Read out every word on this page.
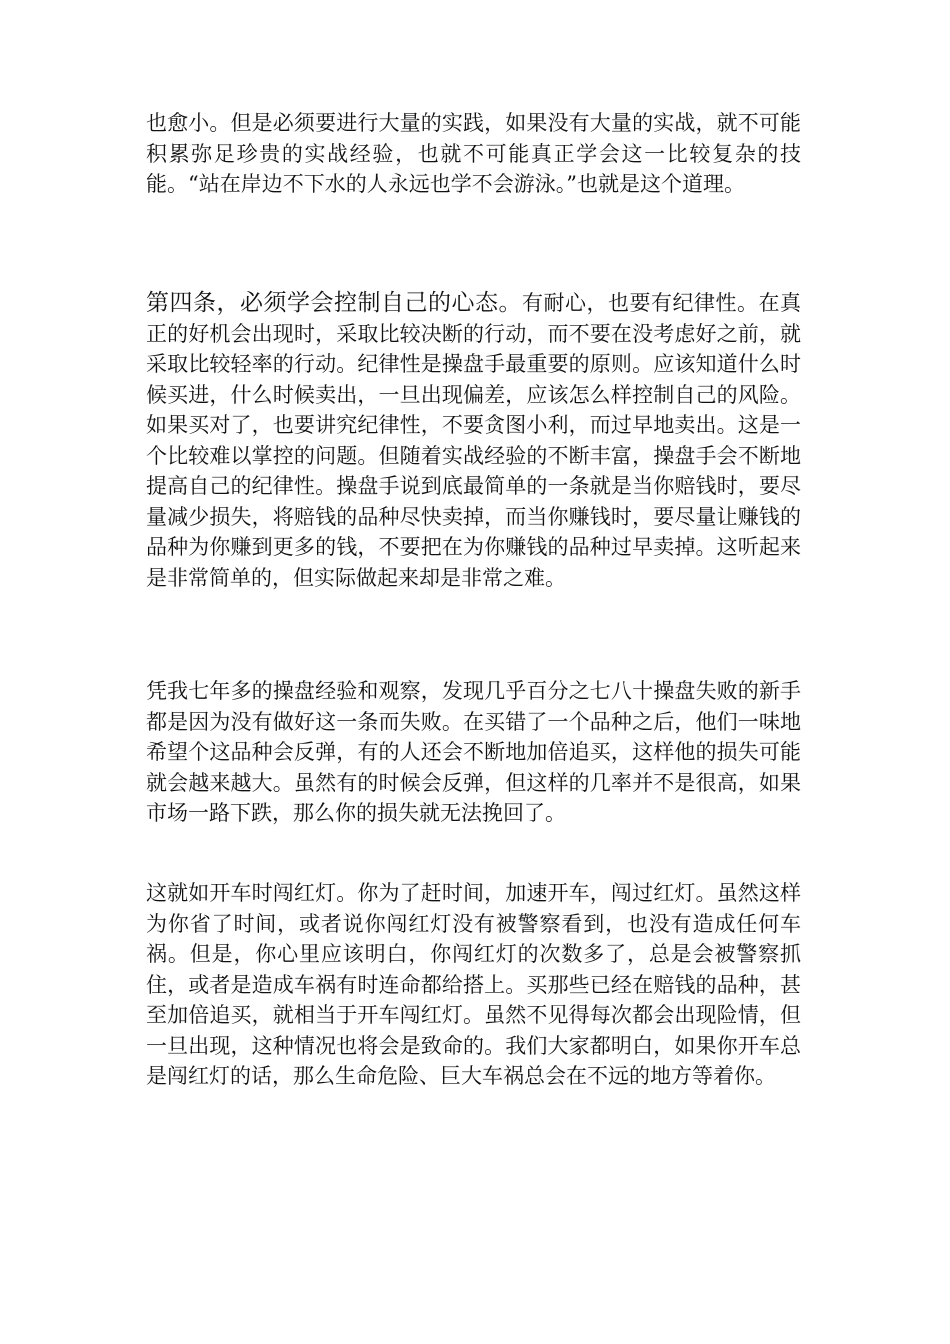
也愈小。但是必须要进行大量的实践，如果没有大量的实战，就不可能积累弥足珍贵的实战经验，也就不可能真正学会这一比较复杂的技能。“站在岸边不下水的人永远也学不会游泳。”也就是这个道理。

第四条，必须学会控制自己的心态。有耐心，也要有纪律性。在真正的好机会出现时，采取比较决断的行动，而不要在没考虑好之前，就采取比较轻率的行动。纪律性是操盘手最重要的原则。应该知道什么时候买进，什么时候卖出，一旦出现偏差，应该怎么样控制自己的风险。如果买对了，也要讲究纪律性，不要贪图小利，而过早地卖出。这是一个比较难以掌控的问题。但随着实战经验的不断丰富，操盘手会不断地提高自己的纪律性。操盘手说到底最简单的一条就是当你赔钱时，要尽量减少损失，将赔钱的品种尽快卖掉，而当你赚钱时，要尽量让赚钱的品种为你赚到更多的钱，不要把在为你赚钱的品种过早卖掉。这听起来是非常简单的，但实际做起来却是非常之难。

凭我七年多的操盘经验和观察，发现几乎百分之七八十操盘失败的新手都是因为没有做好这一条而失败。在买错了一个品种之后，他们一味地希望个这品种会反弹，有的人还会不断地加倍追买，这样他的损失可能就会越来越大。虽然有的时候会反弹，但这样的几率并不是很高，如果市场一路下跌，那么你的损失就无法挽回了。

这就如开车时闯红灯。你为了赶时间，加速开车，闯过红灯。虽然这样为你省了时间，或者说你闯红灯没有被警察看到，也没有造成任何车祸。但是，你心里应该明白，你闯红灯的次数多了，总是会被警察抓住，或者是造成车祸有时连命都给搭上。买那些已经在赔钱的品种，甚至加倍追买，就相当于开车闯红灯。虽然不见得每次都会出现险情，但一旦出现，这种情况也将会是致命的。我们大家都明白，如果你开车总是闯红灯的话，那么生命危险、巨大车祸总会在不远的地方等着你。
